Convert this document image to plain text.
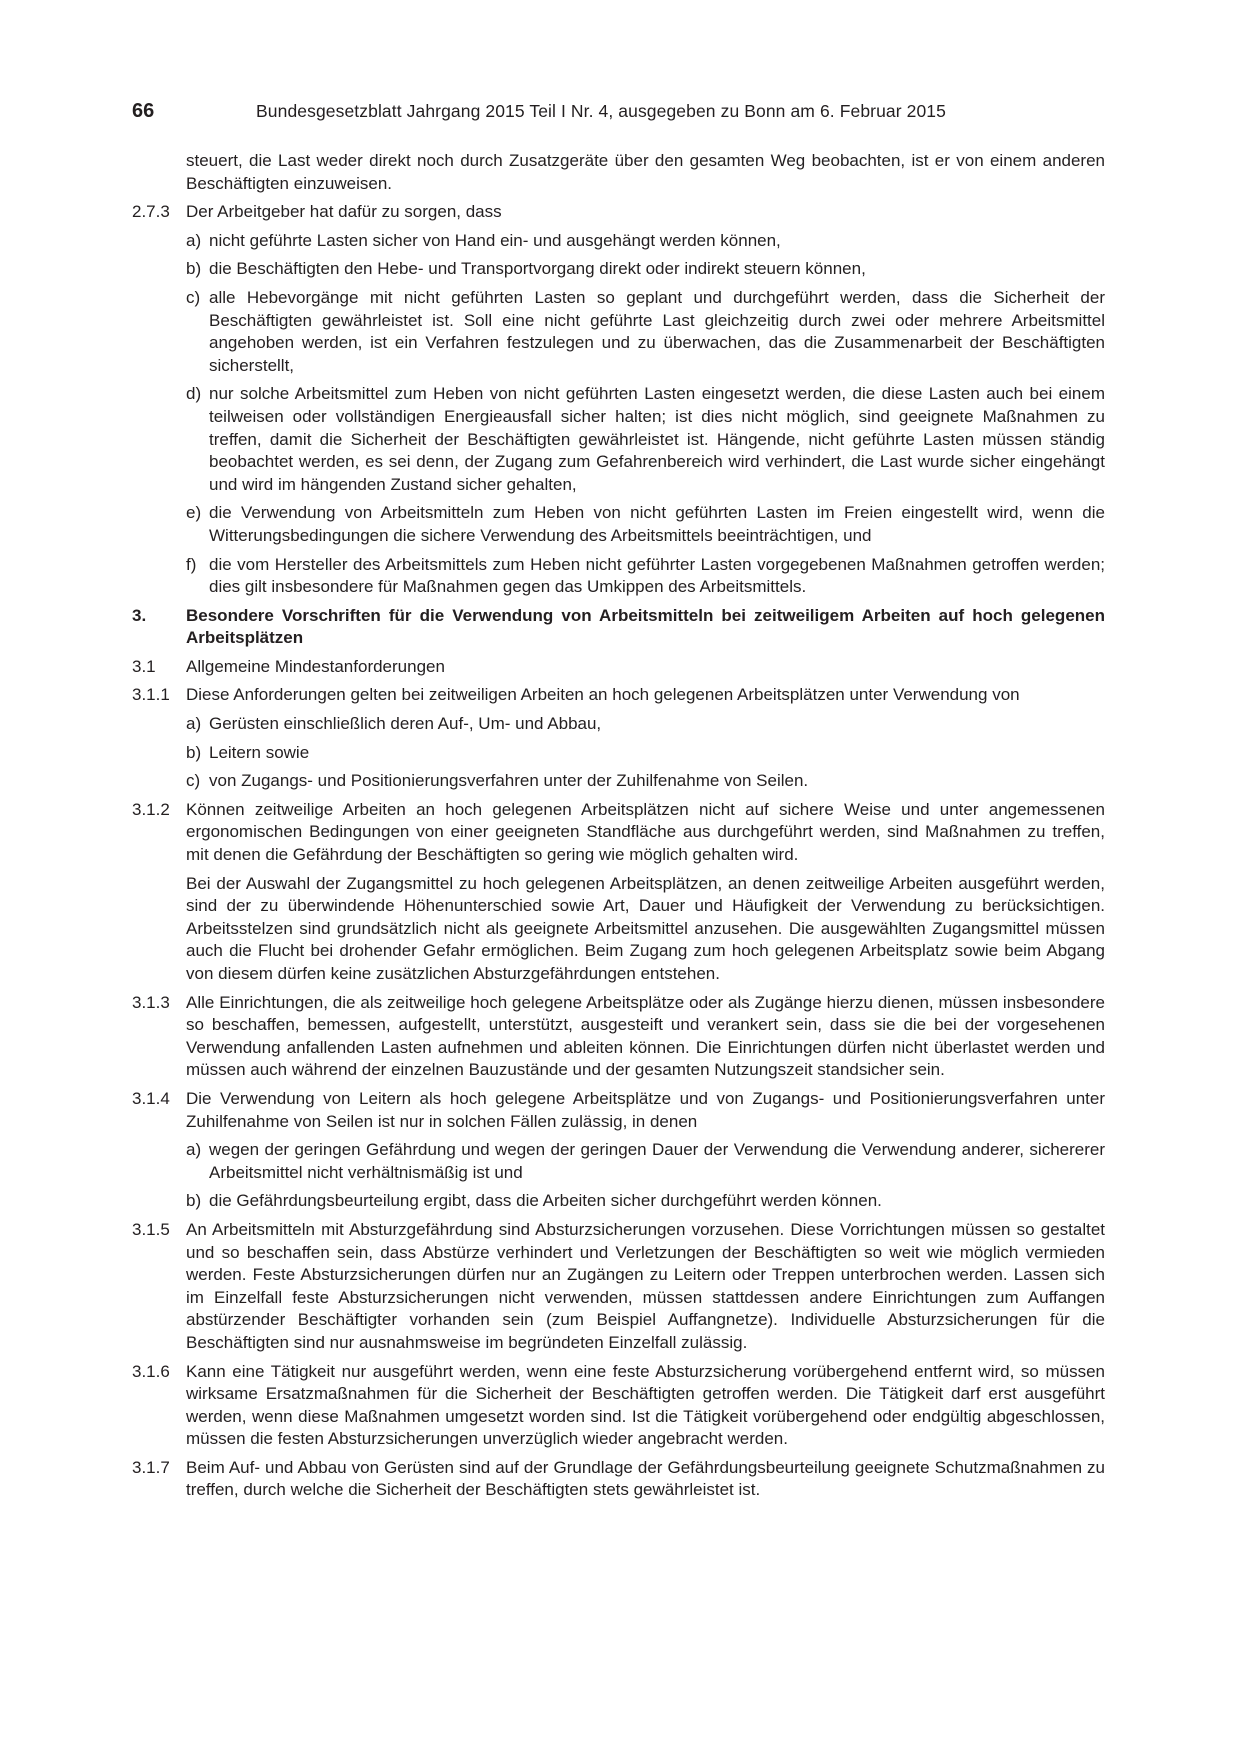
66	Bundesgesetzblatt Jahrgang 2015 Teil I Nr. 4, ausgegeben zu Bonn am 6. Februar 2015
steuert, die Last weder direkt noch durch Zusatzgeräte über den gesamten Weg beobachten, ist er von einem anderen Beschäftigten einzuweisen.
2.7.3 Der Arbeitgeber hat dafür zu sorgen, dass
a) nicht geführte Lasten sicher von Hand ein- und ausgehängt werden können,
b) die Beschäftigten den Hebe- und Transportvorgang direkt oder indirekt steuern können,
c) alle Hebevorgänge mit nicht geführten Lasten so geplant und durchgeführt werden, dass die Sicherheit der Beschäftigten gewährleistet ist. Soll eine nicht geführte Last gleichzeitig durch zwei oder mehrere Arbeitsmittel angehoben werden, ist ein Verfahren festzulegen und zu überwachen, das die Zusammenarbeit der Beschäftigten sicherstellt,
d) nur solche Arbeitsmittel zum Heben von nicht geführten Lasten eingesetzt werden, die diese Lasten auch bei einem teilweisen oder vollständigen Energieausfall sicher halten; ist dies nicht möglich, sind geeignete Maßnahmen zu treffen, damit die Sicherheit der Beschäftigten gewährleistet ist. Hängende, nicht geführte Lasten müssen ständig beobachtet werden, es sei denn, der Zugang zum Gefahrenbereich wird verhindert, die Last wurde sicher eingehängt und wird im hängenden Zustand sicher gehalten,
e) die Verwendung von Arbeitsmitteln zum Heben von nicht geführten Lasten im Freien eingestellt wird, wenn die Witterungsbedingungen die sichere Verwendung des Arbeitsmittels beeinträchtigen, und
f) die vom Hersteller des Arbeitsmittels zum Heben nicht geführter Lasten vorgegebenen Maßnahmen getroffen werden; dies gilt insbesondere für Maßnahmen gegen das Umkippen des Arbeitsmittels.
3.	Besondere Vorschriften für die Verwendung von Arbeitsmitteln bei zeitweiligem Arbeiten auf hoch gelegenen Arbeitsplätzen
3.1	Allgemeine Mindestanforderungen
3.1.1 Diese Anforderungen gelten bei zeitweiligen Arbeiten an hoch gelegenen Arbeitsplätzen unter Verwendung von
a) Gerüsten einschließlich deren Auf-, Um- und Abbau,
b) Leitern sowie
c) von Zugangs- und Positionierungsverfahren unter der Zuhilfenahme von Seilen.
3.1.2 Können zeitweilige Arbeiten an hoch gelegenen Arbeitsplätzen nicht auf sichere Weise und unter angemessenen ergonomischen Bedingungen von einer geeigneten Standfläche aus durchgeführt werden, sind Maßnahmen zu treffen, mit denen die Gefährdung der Beschäftigten so gering wie möglich gehalten wird.
Bei der Auswahl der Zugangsmittel zu hoch gelegenen Arbeitsplätzen, an denen zeitweilige Arbeiten ausgeführt werden, sind der zu überwindende Höhenunterschied sowie Art, Dauer und Häufigkeit der Verwendung zu berücksichtigen. Arbeitsstelzen sind grundsätzlich nicht als geeignete Arbeitsmittel anzusehen. Die ausgewählten Zugangsmittel müssen auch die Flucht bei drohender Gefahr ermöglichen. Beim Zugang zum hoch gelegenen Arbeitsplatz sowie beim Abgang von diesem dürfen keine zusätzlichen Absturzgefährdungen entstehen.
3.1.3 Alle Einrichtungen, die als zeitweilige hoch gelegene Arbeitsplätze oder als Zugänge hierzu dienen, müssen insbesondere so beschaffen, bemessen, aufgestellt, unterstützt, ausgesteift und verankert sein, dass sie die bei der vorgesehenen Verwendung anfallenden Lasten aufnehmen und ableiten können. Die Einrichtungen dürfen nicht überlastet werden und müssen auch während der einzelnen Bauzustände und der gesamten Nutzungszeit standsicher sein.
3.1.4 Die Verwendung von Leitern als hoch gelegene Arbeitsplätze und von Zugangs- und Positionierungsverfahren unter Zuhilfenahme von Seilen ist nur in solchen Fällen zulässig, in denen
a) wegen der geringen Gefährdung und wegen der geringen Dauer der Verwendung die Verwendung anderer, sichererer Arbeitsmittel nicht verhältnismäßig ist und
b) die Gefährdungsbeurteilung ergibt, dass die Arbeiten sicher durchgeführt werden können.
3.1.5 An Arbeitsmitteln mit Absturzgefährdung sind Absturzsicherungen vorzusehen. Diese Vorrichtungen müssen so gestaltet und so beschaffen sein, dass Abstürze verhindert und Verletzungen der Beschäftigten so weit wie möglich vermieden werden. Feste Absturzsicherungen dürfen nur an Zugängen zu Leitern oder Treppen unterbrochen werden. Lassen sich im Einzelfall feste Absturzsicherungen nicht verwenden, müssen stattdessen andere Einrichtungen zum Auffangen abstürzender Beschäftigter vorhanden sein (zum Beispiel Auffangnetze). Individuelle Absturzsicherungen für die Beschäftigten sind nur ausnahmsweise im begründeten Einzelfall zulässig.
3.1.6 Kann eine Tätigkeit nur ausgeführt werden, wenn eine feste Absturzsicherung vorübergehend entfernt wird, so müssen wirksame Ersatzmaßnahmen für die Sicherheit der Beschäftigten getroffen werden. Die Tätigkeit darf erst ausgeführt werden, wenn diese Maßnahmen umgesetzt worden sind. Ist die Tätigkeit vorübergehend oder endgültig abgeschlossen, müssen die festen Absturzsicherungen unverzüglich wieder angebracht werden.
3.1.7 Beim Auf- und Abbau von Gerüsten sind auf der Grundlage der Gefährdungsbeurteilung geeignete Schutzmaßnahmen zu treffen, durch welche die Sicherheit der Beschäftigten stets gewährleistet ist.
